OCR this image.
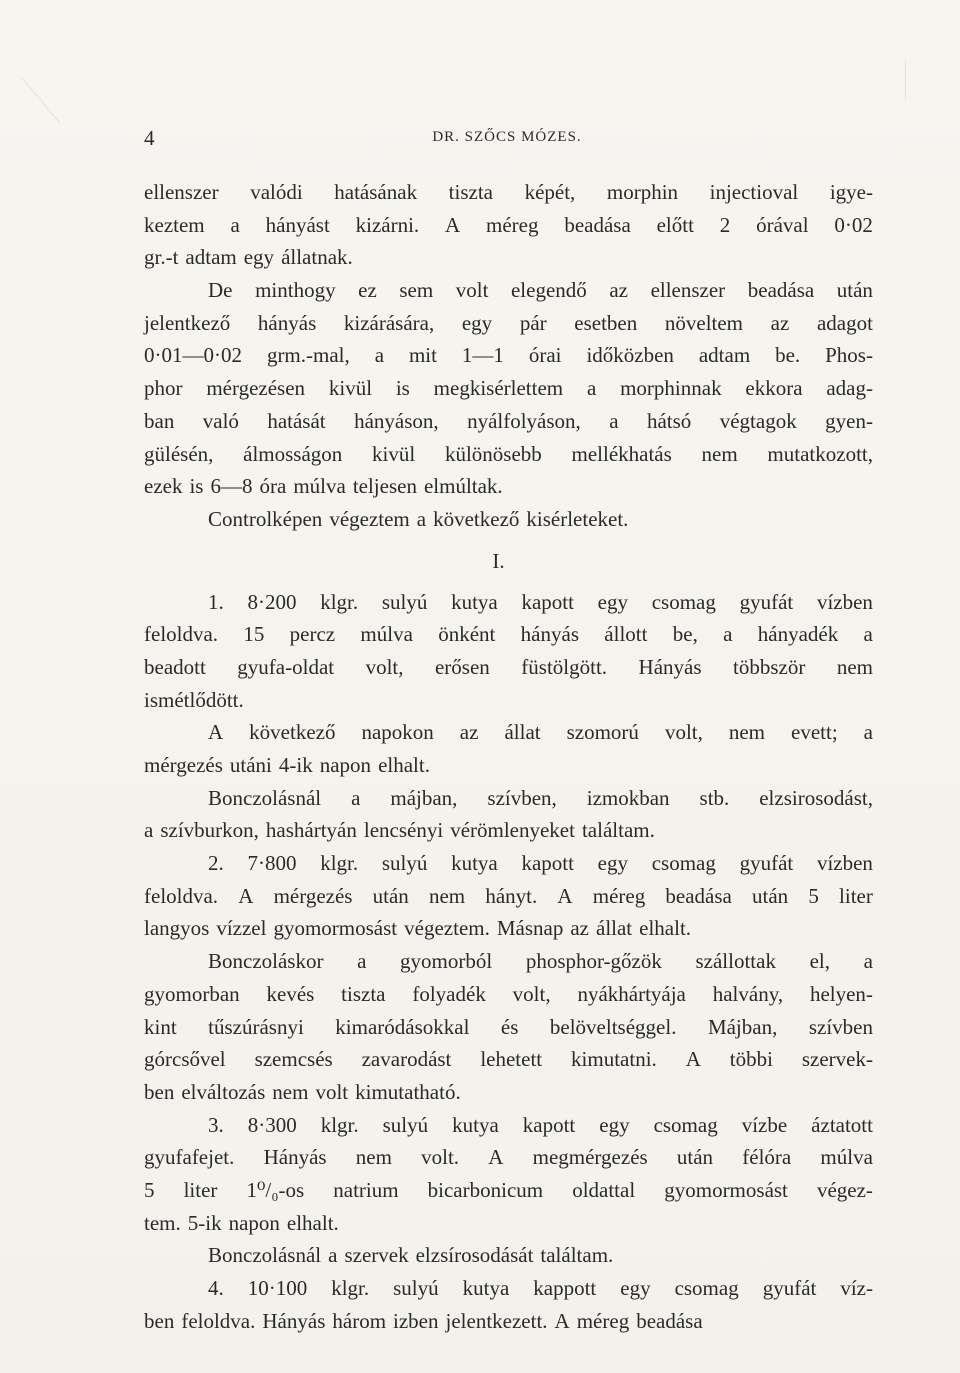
4	DR. SZŐCS MÓZES.
ellenszer valódi hatásának tiszta képét, morphin injectioval igye-
keztem a hányást kizárni. A méreg beadása előtt 2 órával 0·02
gr.-t adtam egy állatnak.
De minthogy ez sem volt elegendő az ellenszer beadása után
jelentkező hányás kizárására, egy pár esetben növeltem az adagot
0·01—0·02 grm.-mal, a mit 1—1 órai időközben adtam be. Phos-
phor mérgezésen kivül is megkisérlettem a morphinnak ekkora adag-
ban való hatását hányáson, nyálfolyáson, a hátsó végtagok gyen-
gülésén, álmosságon kivül különösebb mellékhatás nem mutatkozott,
ezek is 6—8 óra múlva teljesen elmúltak.
Controlképen végeztem a következő kisérleteket.
I.
1. 8·200 klgr. sulyú kutya kapott egy csomag gyufát vízben
feloldva. 15 percz múlva önként hányás állott be, a hányadék a
beadott gyufa-oldat volt, erősen füstölgött. Hányás többször nem
ismétlődött.
A következő napokon az állat szomorú volt, nem evett; a
mérgezés utáni 4-ik napon elhalt.
Bonczolásnál a májban, szívben, izmokban stb. elzsirosodást,
a szívburkon, hashártyán lencsényi vérömlenyeket találtam.
2. 7·800 klgr. sulyú kutya kapott egy csomag gyufát vízben
feloldva. A mérgezés után nem hányt. A méreg beadása után 5 liter
langyos vízzel gyomormosást végeztem. Másnap az állat elhalt.
Bonczoláskor a gyomorból phosphor-gőzök szállottak el, a
gyomorban kevés tiszta folyadék volt, nyákhártyája halvány, helyen-
kint tűszúrásnyi kimaródásokkal és belöveltséggel. Májban, szívben
górcsővel szemcsés zavarodást lehetett kimutatni. A többi szervek-
ben elváltozás nem volt kimutatható.
3. 8·300 klgr. sulyú kutya kapott egy csomag vízbe áztatott
gyufafejet. Hányás nem volt. A megmérgezés után félóra múlva
5 liter 1⁰/₀-os natrium bicarbonicum oldattal gyomormosást végez-
tem. 5-ik napon elhalt.
Bonczolásnál a szervek elzsírosodását találtam.
4. 10·100 klgr. sulyú kutya kappott egy csomag gyufát víz-
ben feloldva. Hányás három izben jelentkezett. A méreg beadása
